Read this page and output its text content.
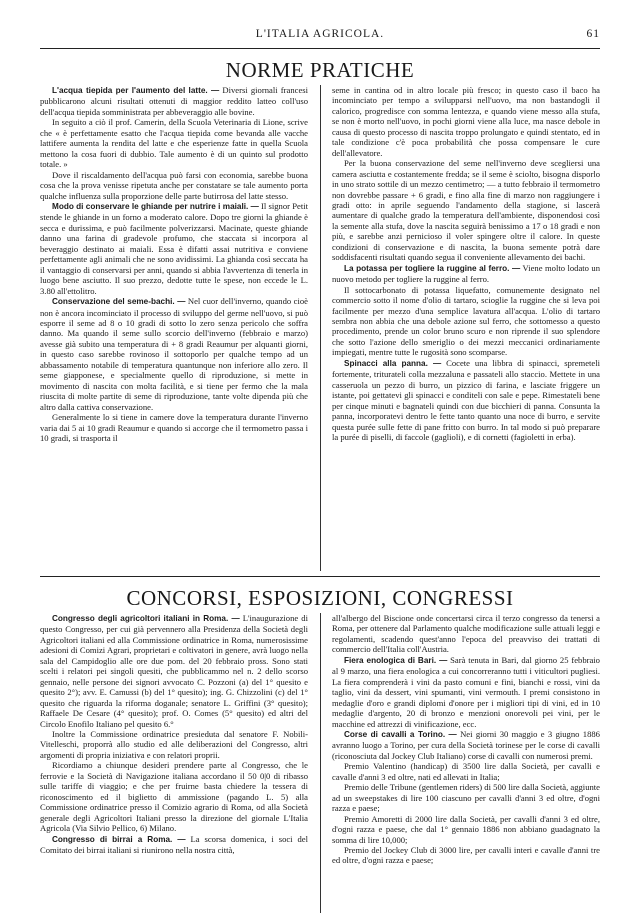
L'ITALIA AGRICOLA.	61
NORME PRATICHE

L'acqua tiepida per l'aumento del latte. — Diversi giornali francesi pubblicarono alcuni risultati ottenuti di maggior reddito latteo coll'uso dell'acqua tiepida somministrata per abbeveraggio alle bovine.

In seguito a ciò il prof. Camerin, della Scuola Veterinaria di Lione, scrive che « è perfettamente esatto che l'acqua tiepida come bevanda alle vacche lattifere aumenta la rendita del latte e che esperienze fatte in quella Scuola mettono la cosa fuori di dubbio. Tale aumento è di un quinto sul prodotto totale. »

Dove il riscaldamento dell'acqua può farsi con economia, sarebbe buona cosa che la prova venisse ripetuta anche per constatare se tale aumento porta qualche influenza sulla proporzione delle parte butirrosa del latte stesso.

Modo di conservare le ghiande per nutrire i maiali. — Il signor Petit stende le ghiande in un forno a moderato calore. Dopo tre giorni la ghiande è secca e durissima, e può facilmente polverizzarsi. Macinate, queste ghiande danno una farina di gradevole profumo, che staccata si incorpora al beveraggio destinato ai maiali. Essa è difatti assai nutritiva e conviene perfettamente agli animali che ne sono avidissimi. La ghianda così seccata ha il vantaggio di conservarsi per anni, quando si abbia l'avvertenza di tenerla in luogo bene asciutto. Il suo prezzo, dedotte tutte le spese, non eccede le L. 3.80 all'ettolitro.

Conservazione del seme-bachi. — Nel cuor dell'inverno, quando cioè non è ancora incominciato il processo di sviluppo del germe nell'uovo, si può esporre il seme ad 8 o 10 gradi di sotto lo zero senza pericolo che soffra danno. Ma quando il seme sullo scorcio dell'inverno (febbraio e marzo) avesse già subito una temperatura di + 8 gradi Reaumur per alquanti giorni, in questo caso sarebbe rovinoso il sottoporlo per qualche tempo ad un abbassamento notabile di temperatura quantunque non inferiore allo zero. Il seme giapponese, e specialmente quello di riproduzione, si mette in movimento di nascita con molta facilità, e si tiene per fermo che la mala riuscita di molte partite di seme di riproduzione, tante volte dipenda più che altro dalla cattiva conservazione.

Generalmente lo si tiene in camere dove la temperatura durante l'inverno varia dai 5 ai 10 gradi Reaumur e quando si accorge che il termometro passa i 10 gradi, si trasporta il

seme in cantina od in altro locale più fresco; in questo caso il baco ha incominciato per tempo a svilupparsi nell'uovo, ma non bastandogli il calorico, progredisce con somma lentezza, e quando viene messo alla stufa, se non è morto nell'uovo, in pochi giorni viene alla luce, ma nasce debole in causa di questo processo di nascita troppo prolungato e quindi stentato, ed in tale condizione c'è poca probabilità che possa compensare le cure dell'allevatore.

Per la buona conservazione del seme nell'inverno deve scegliersi una camera asciutta e costantemente fredda; se il seme è sciolto, bisogna disporlo in uno strato sottile di un mezzo centimetro; — a tutto febbraio il termometro non dovrebbe passare + 6 gradi, e fino alla fine di marzo non raggiungere i gradi otto: in aprile seguendo l'andamento della stagione, si lascerà aumentare di qualche grado la temperatura dell'ambiente, disponendosi così la semente alla stufa, dove la nascita seguirà benissimo a 17 o 18 gradi e non più, e sarebbe anzi pernicioso il voler spingere oltre il calore. In queste condizioni di conservazione e di nascita, la buona semente potrà dare soddisfacenti risultati quando segua il conveniente allevamento dei bachi.

La potassa per togliere la ruggine al ferro. — Viene molto lodato un nuovo metodo per togliere la ruggine al ferro.

Il sottocarbonato di potassa liquefatto, comunemente designato nel commercio sotto il nome d'olio di tartaro, scioglie la ruggine che si leva poi facilmente per mezzo d'una semplice lavatura all'acqua. L'olio di tartaro sembra non abbia che una debole azione sul ferro, che sottomesso a questo procedimento, prende un color bruno scuro e non riprende il suo splendore che sotto l'azione dello smeriglio o dei mezzi meccanici ordinariamente impiegati, mentre tutte le rugosità sono scomparse.

Spinacci alla panna. — Cocete una libbra di spinacci, spremeteli fortemente, triturateli colla mezzaluna e passateli allo staccio. Mettete in una casseruola un pezzo di burro, un pizzico di farina, e lasciate friggere un istante, poi gettatevi gli spinacci e conditeli con sale e pepe. Rimestateli bene per cinque minuti e bagnateli quindi con due bicchieri di panna. Consunta la panna, incorporatevi dentro le fette tanto quanto una noce di burro, e servite questa purée sulle fette di pane fritto con burro. In tal modo si può preparare la purée di piselli, di faccole (gaglioli), e di cornetti (fagioletti in erba).

CONCORSI, ESPOSIZIONI, CONGRESSI

Congresso degli agricoltori italiani in Roma. — L'inaugurazione di questo Congresso, per cui già pervennero alla Presidenza della Società degli Agricoltori italiani ed alla Commissione ordinatrice in Roma, numerosissime adesioni di Comizi Agrari, proprietari e coltivatori in genere, avrà luogo nella sala del Campidoglio alle ore due pom. del 20 febbraio pross. Sono stati scelti i relatori pei singoli quesiti, che pubblicammo nel n. 2 dello scorso gennaio, nelle persone dei signori avvocato C. Pozzoni (a) del 1° quesito e quesito 2°); avv. E. Camussi (b) del 1° quesito); ing. G. Chizzolini (c) del 1° quesito che riguarda la riforma doganale; senatore L. Griffini (3° quesito); Raffaele De Cesare (4° quesito); prof. O. Comes (5° quesito) ed altri del Circolo Enofilo Italiano pel quesito 6.°

Inoltre la Commissione ordinatrice presieduta dal senatore F. Nobili-Vitelleschi, proporrà allo studio ed alle deliberazioni del Congresso, altri argomenti di propria iniziativa e con relatori proprii.

Ricordiamo a chiunque desideri prendere parte al Congresso, che le ferrovie e la Società di Navigazione italiana accordano il 50 0|0 di ribasso sulle tariffe di viaggio; e che per fruirne basta chiedere la tessera di riconoscimento ed il biglietto di ammissione (pagando L. 5) alla Commissione ordinatrice presso il Comizio agrario di Roma, od alla Società generale degli Agricoltori Italiani presso la direzione del giornale L'Italia Agricola (Via Silvio Pellico, 6) Milano.

Congresso di birrai a Roma. — La scorsa domenica, i soci del Comitato dei birrai italiani si riunirono nella nostra città,

all'albergo del Biscione onde concertarsi circa il terzo congresso da tenersi a Roma, per ottenere dal Parlamento qualche modificazione sulle attuali leggi e regolamenti, scadendo quest'anno l'epoca del preavviso dei trattati di commercio dell'Italia coll'Austria.

Fiera enologica di Bari. — Sarà tenuta in Bari, dal giorno 25 febbraio al 9 marzo, una fiera enologica a cui concorreranno tutti i viticultori pugliesi. La fiera comprenderà i vini da pasto comuni e fini, bianchi e rossi, vini da taglio, vini da dessert, vini spumanti, vini vermouth. I premi consistono in medaglie d'oro e grandi diplomi d'onore per i migliori tipi di vini, ed in 10 medaglie d'argento, 20 di bronzo e menzioni onorevoli pei vini, per le macchine ed attrezzi di vinificazione, ecc.

Corse di cavalli a Torino. — Nei giorni 30 maggio e 3 giugno 1886 avranno luogo a Torino, per cura della Società torinese per le corse di cavalli (riconosciuta dal Jockey Club Italiano) corse di cavalli con numerosi premi.

Premio Valentino (handicap) di 3500 lire dalla Società, per cavalli e cavalle d'anni 3 ed oltre, nati ed allevati in Italia;

Premio delle Tribune (gentlemen riders) di 500 lire dalla Società, aggiunte ad un sweepstakes di lire 100 ciascuno per cavalli d'anni 3 ed oltre, d'ogni razza e paese;

Premio Amoretti di 2000 lire dalla Società, per cavalli d'anni 3 ed oltre, d'ogni razza e paese, che dal 1° gennaio 1886 non abbiano guadagnato la somma di lire 10,000;

Premio del Jockey Club di 3000 lire, per cavalli interi e cavalle d'anni tre ed oltre, d'ogni razza e paese;
